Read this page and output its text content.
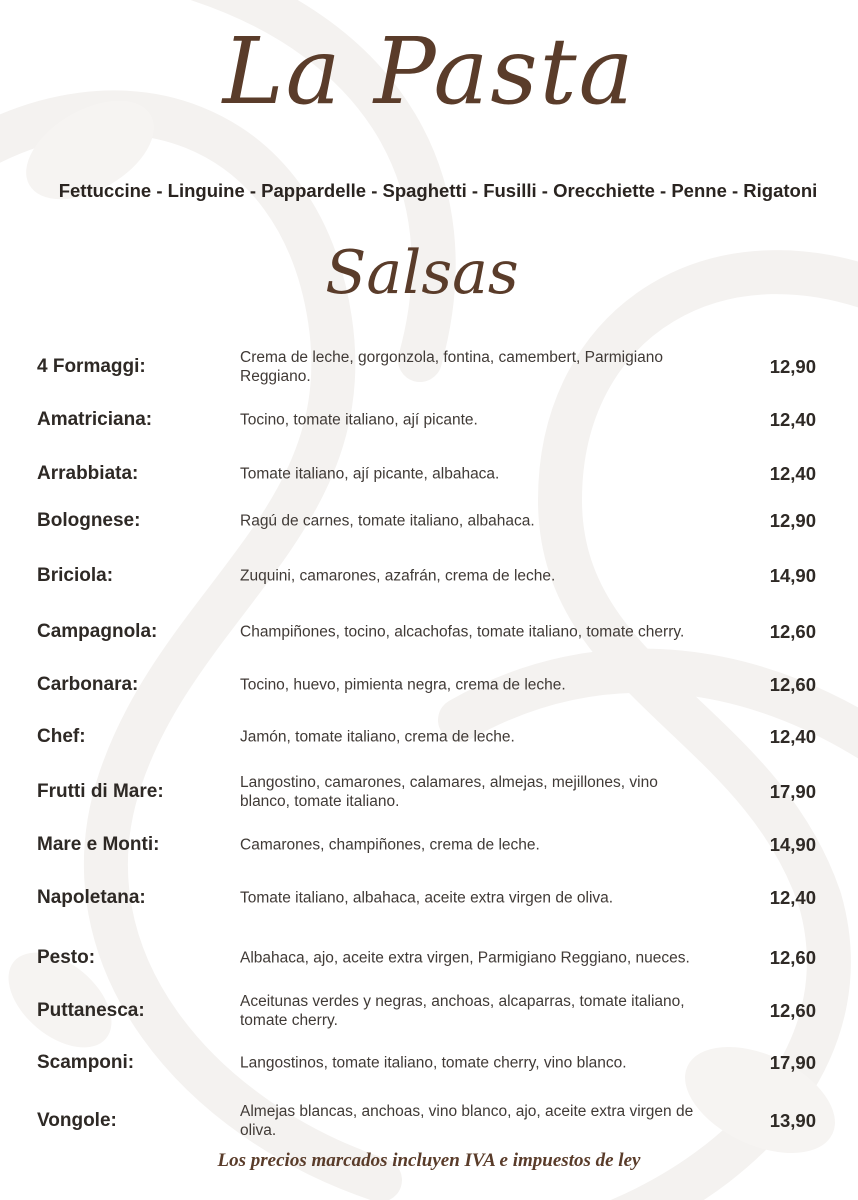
La Pasta

Fettuccine - Linguine - Pappardelle - Spaghetti - Fusilli - Orecchiette - Penne - Rigatoni

Salsas
4 Formaggi:	Crema de leche, gorgonzola, fontina, camembert, Parmigiano Reggiano.	12,90
Amatriciana:	Tocino, tomate italiano, ají picante.	12,40
Arrabbiata:	Tomate italiano, ají picante, albahaca.	12,40
Bolognese:	Ragú de carnes, tomate italiano, albahaca.	12,90
Briciola:	Zuquini, camarones, azafrán, crema de leche.	14,90
Campagnola:	Champiñones, tocino, alcachofas, tomate italiano, tomate cherry.	12,60
Carbonara:	Tocino, huevo, pimienta negra, crema de leche.	12,60
Chef:	Jamón, tomate italiano, crema de leche.	12,40
Frutti di Mare:	Langostino, camarones, calamares, almejas, mejillones, vino blanco, tomate italiano.	17,90
Mare e Monti:	Camarones, champiñones, crema de leche.	14,90
Napoletana:	Tomate italiano, albahaca, aceite extra virgen de oliva.	12,40
Pesto:	Albahaca, ajo, aceite extra virgen, Parmigiano Reggiano, nueces.	12,60
Puttanesca:	Aceitunas verdes y negras, anchoas, alcaparras, tomate italiano, tomate cherry.	12,60
Scamponi:	Langostinos, tomate italiano, tomate cherry, vino blanco.	17,90
Vongole:	Almejas blancas, anchoas, vino blanco, ajo, aceite extra virgen de oliva.	13,90

Los precios marcados incluyen IVA e impuestos de ley
